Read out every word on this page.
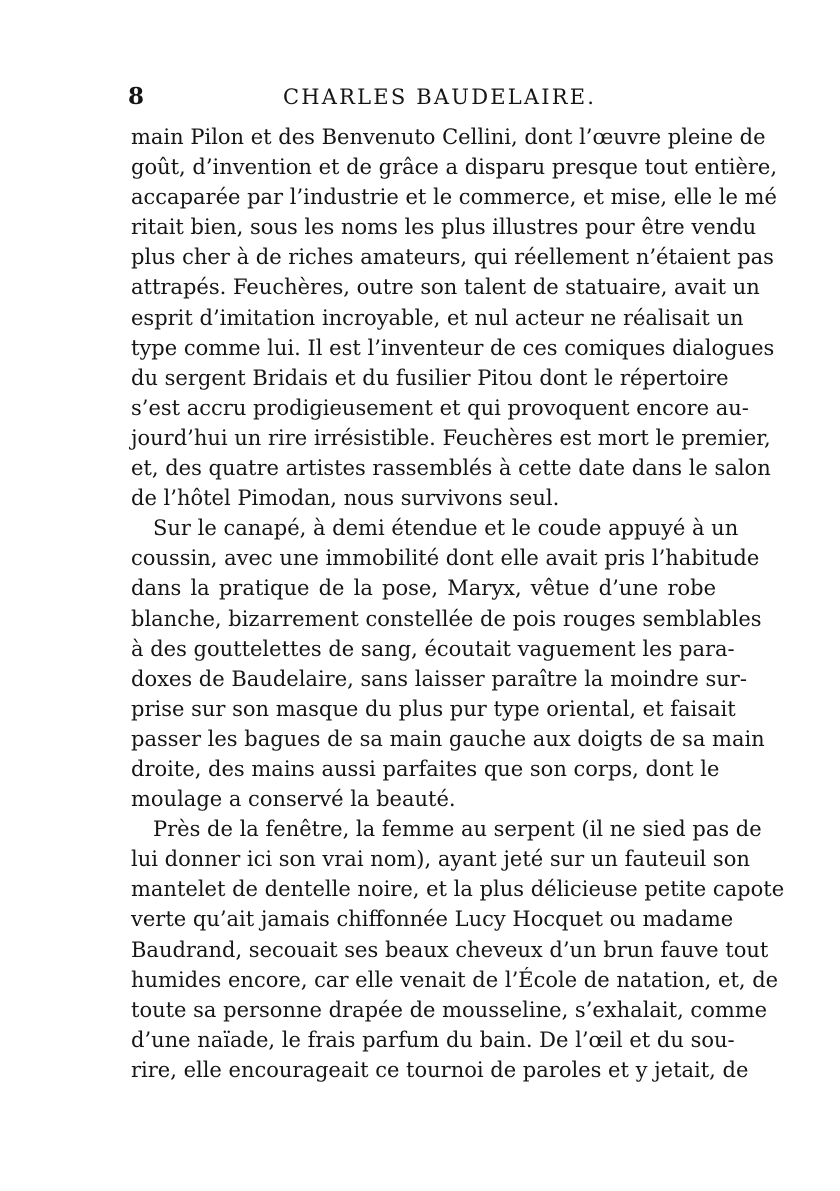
8	CHARLES BAUDELAIRE.
main Pilon et des Benvenuto Cellini, dont l’œuvre pleine de
goût, d’invention et de grâce a disparu presque tout entière,
accaparée par l’industrie et le commerce, et mise, elle le mé
ritait bien, sous les noms les plus illustres pour être vendu
plus cher à de riches amateurs, qui réellement n’étaient pas
attrapés. Feuchères, outre son talent de statuaire, avait un
esprit d’imitation incroyable, et nul acteur ne réalisait un
type comme lui. Il est l’inventeur de ces comiques dialogues
du sergent Bridais et du fusilier Pitou dont le répertoire
s’est accru prodigieusement et qui provoquent encore au-
jourd’hui un rire irrésistible. Feuchères est mort le premier,
et, des quatre artistes rassemblés à cette date dans le salon
de l’hôtel Pimodan, nous survivons seul.
Sur le canapé, à demi étendue et le coude appuyé à un
coussin, avec une immobilité dont elle avait pris l’habitude
dans la pratique de la pose, Maryx, vêtue d’une robe
blanche, bizarrement constellée de pois rouges semblables
à des gouttelettes de sang, écoutait vaguement les para-
doxes de Baudelaire, sans laisser paraître la moindre sur-
prise sur son masque du plus pur type oriental, et faisait
passer les bagues de sa main gauche aux doigts de sa main
droite, des mains aussi parfaites que son corps, dont le
moulage a conservé la beauté.
Près de la fenêtre, la femme au serpent (il ne sied pas de
lui donner ici son vrai nom), ayant jeté sur un fauteuil son
mantelet de dentelle noire, et la plus délicieuse petite capote
verte qu’ait jamais chiffonnée Lucy Hocquet ou madame
Baudrand, secouait ses beaux cheveux d’un brun fauve tout
humides encore, car elle venait de l’École de natation, et, de
toute sa personne drapée de mousseline, s’exhalait, comme
d’une naïade, le frais parfum du bain. De l’œil et du sou-
rire, elle encourageait ce tournoi de paroles et y jetait, de
